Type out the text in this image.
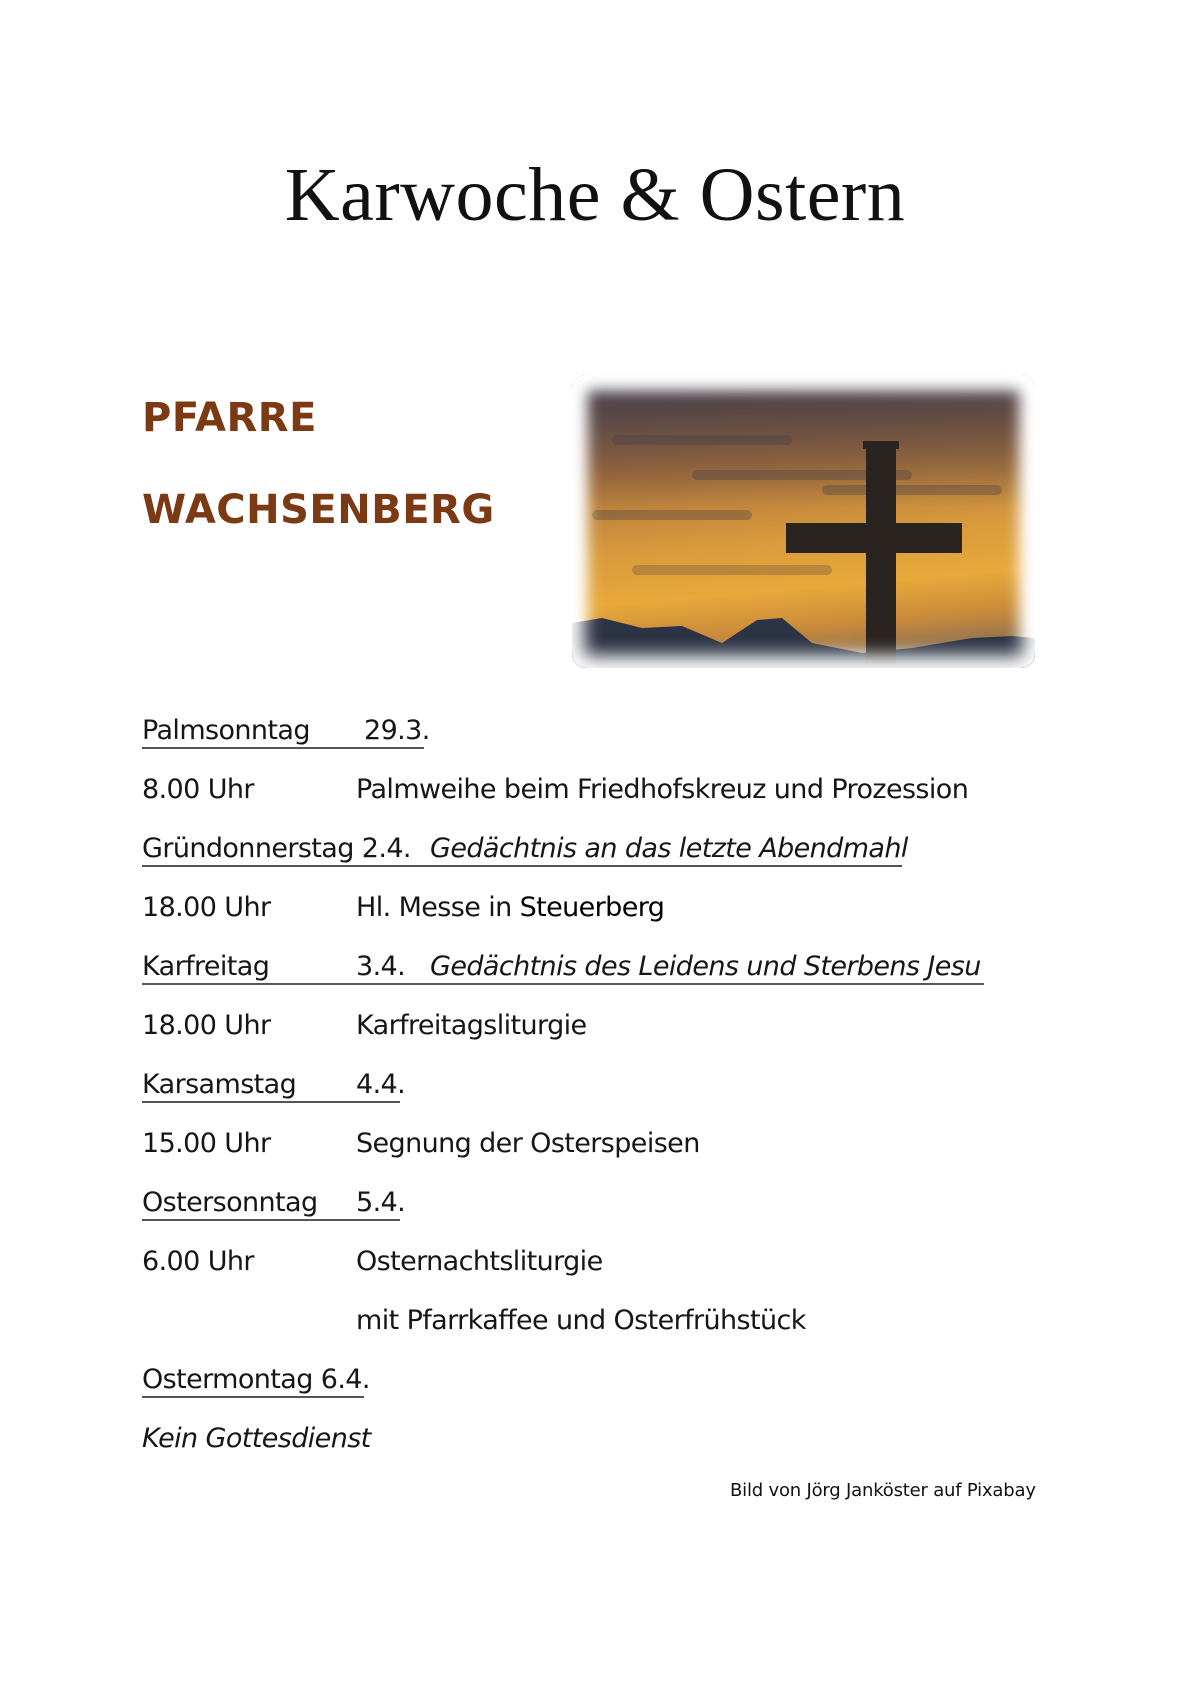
Karwoche & Ostern
PFARRE
WACHSENBERG
Palmsonntag 29.3.
8.00 Uhr	Palmweihe beim Friedhofskreuz und Prozession
Gründonnerstag 2.4. Gedächtnis an das letzte Abendmahl
18.00 Uhr	Hl. Messe in Steuerberg
Karfreitag	3.4. Gedächtnis des Leidens und Sterbens Jesu
18.00 Uhr	Karfreitagsliturgie
Karsamstag 4.4.
15.00 Uhr	Segnung der Osterspeisen
Ostersonntag 5.4.
6.00 Uhr	Osternachtsliturgie
mit Pfarrkaffee und Osterfrühstück
Ostermontag 6.4.
Kein Gottesdienst
Bild von Jörg Janköster auf Pixabay
